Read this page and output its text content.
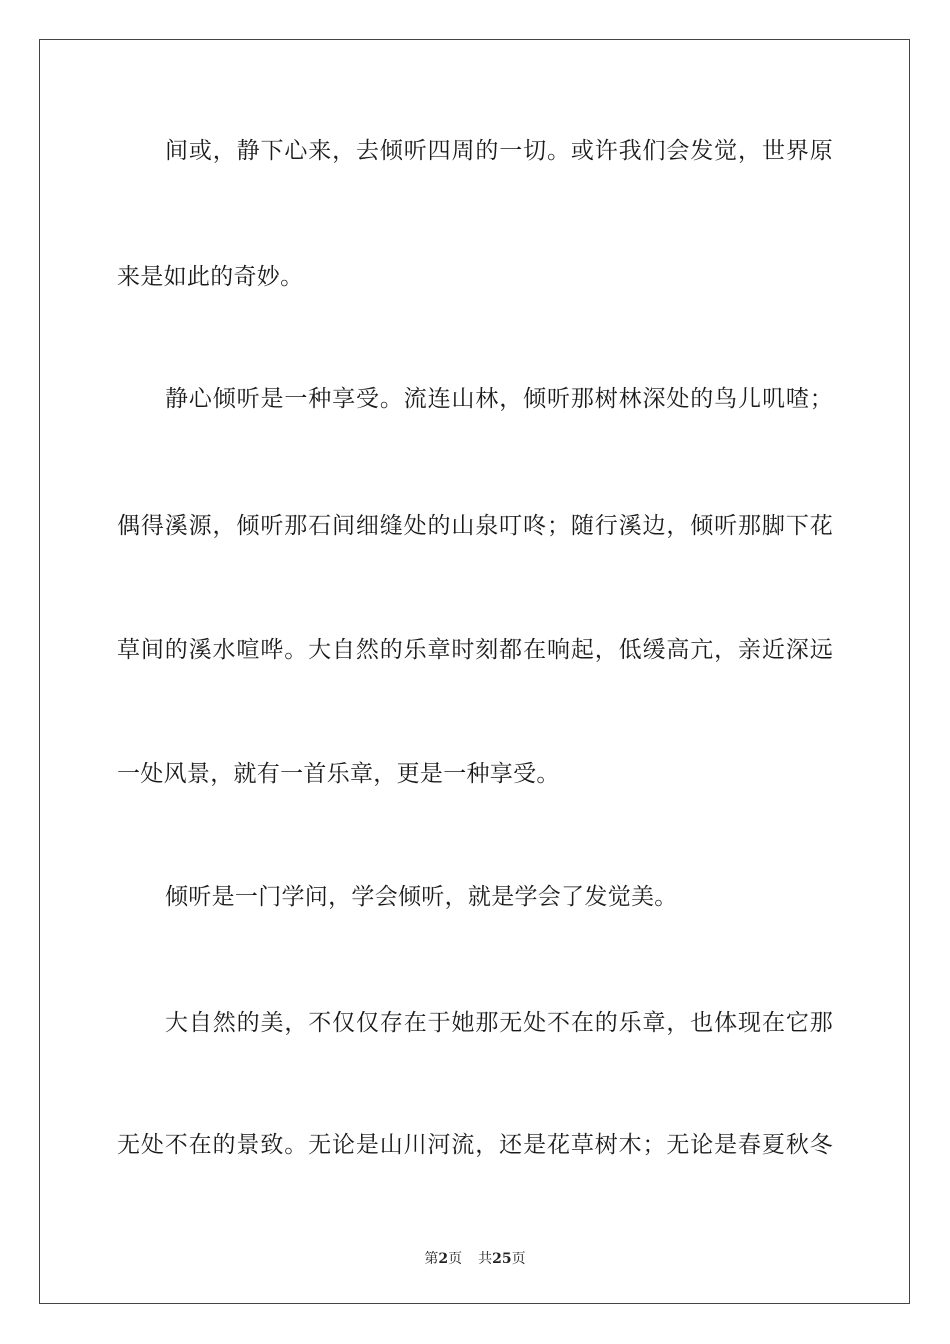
间或，静下心来，去倾听四周的一切。或许我们会发觉，世界原
来是如此的奇妙。
静心倾听是一种享受。流连山林，倾听那树林深处的鸟儿叽喳；
偶得溪源，倾听那石间细缝处的山泉叮咚；随行溪边，倾听那脚下花
草间的溪水喧哗。大自然的乐章时刻都在响起，低缓高亢，亲近深远
一处风景，就有一首乐章，更是一种享受。
倾听是一门学问，学会倾听，就是学会了发觉美。
大自然的美，不仅仅存在于她那无处不在的乐章，也体现在它那
无处不在的景致。无论是山川河流，还是花草树木；无论是春夏秋冬
第2页 共25页
